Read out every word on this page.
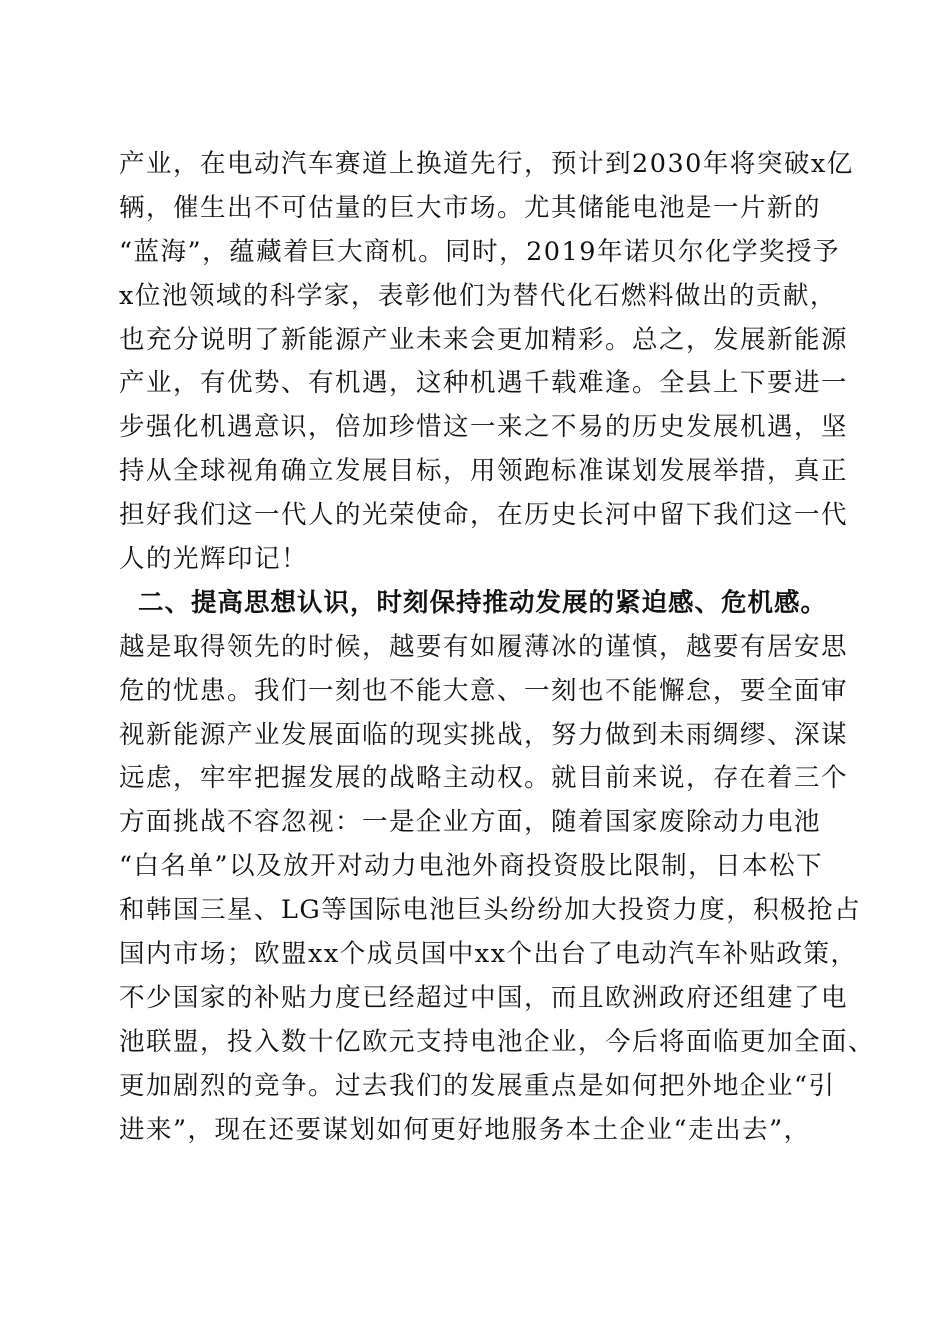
产业，在电动汽车赛道上换道先行，预计到2030年将突破x亿
辆，催生出不可估量的巨大市场。尤其储能电池是一片新的
“蓝海”，蕴藏着巨大商机。同时，2019年诺贝尔化学奖授予
x位池领域的科学家，表彰他们为替代化石燃料做出的贡献，
也充分说明了新能源产业未来会更加精彩。总之，发展新能源
产业，有优势、有机遇，这种机遇千载难逢。全县上下要进一
步强化机遇意识，倍加珍惜这一来之不易的历史发展机遇，坚
持从全球视角确立发展目标，用领跑标准谋划发展举措，真正
担好我们这一代人的光荣使命，在历史长河中留下我们这一代
人的光辉印记！
二、提高思想认识，时刻保持推动发展的紧迫感、危机感。
越是取得领先的时候，越要有如履薄冰的谨慎，越要有居安思
危的忧患。我们一刻也不能大意、一刻也不能懈怠，要全面审
视新能源产业发展面临的现实挑战，努力做到未雨绸缪、深谋
远虑，牢牢把握发展的战略主动权。就目前来说，存在着三个
方面挑战不容忽视：一是企业方面，随着国家废除动力电池
“白名单”以及放开对动力电池外商投资股比限制，日本松下
和韩国三星、LG等国际电池巨头纷纷加大投资力度，积极抢占
国内市场；欧盟xx个成员国中xx个出台了电动汽车补贴政策，
不少国家的补贴力度已经超过中国，而且欧洲政府还组建了电
池联盟，投入数十亿欧元支持电池企业，今后将面临更加全面、
更加剧烈的竞争。过去我们的发展重点是如何把外地企业“引
进来”，现在还要谋划如何更好地服务本土企业“走出去”，
